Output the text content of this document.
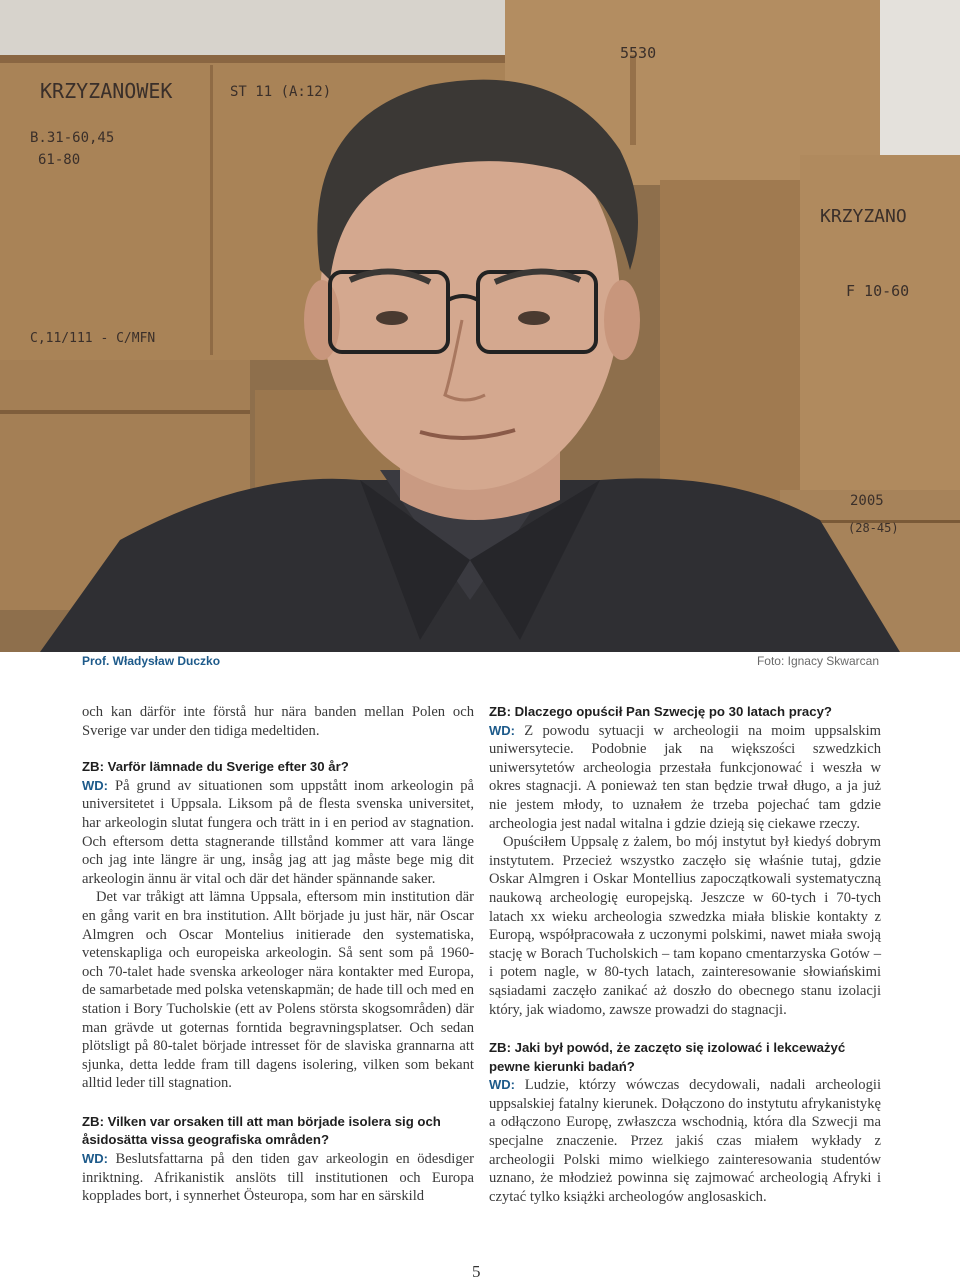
KRZYZANOWEK	ST 11 (A:12)
B.31-60,45
61-80
C,11/111 - C/MFN
5530
KRZYZANO
F 10-60
2005
(28-45)
Prof. Władysław Duczko	Foto: Ignacy Skwarcan

och kan därför inte förstå hur nära banden mellan Polen och Sverige var under den tidiga medeltiden.

ZB: Varför lämnade du Sverige efter 30 år?

WD: På grund av situationen som uppstått inom arkeologin på universitetet i Uppsala. Liksom på de flesta svenska universitet, har arkeologin slutat fungera och trätt in i en period av stagnation. Och eftersom detta stagnerande tillstånd kommer att vara länge och jag inte längre är ung, insåg jag att jag måste bege mig dit arkeologin ännu är vital och där det händer spännande saker.

Det var tråkigt att lämna Uppsala, eftersom min institution där en gång varit en bra institution. Allt började ju just här, när Oscar Almgren och Oscar Montelius initierade den systematiska, vetenskapliga och europeiska arkeologin. Så sent som på 1960- och 70-talet hade svenska arkeologer nära kontakter med Europa, de samarbetade med polska vetenskapmän; de hade till och med en station i Bory Tucholskie (ett av Polens största skogsområden) där man grävde ut goternas forntida begravningsplatser. Och sedan plötsligt på 80-talet började intresset för de slaviska grannarna att sjunka, detta ledde fram till dagens isolering, vilken som bekant alltid leder till stagnation.

ZB: Vilken var orsaken till att man började isolera sig och åsidosätta vissa geografiska områden?

WD: Beslutsfattarna på den tiden gav arkeologin en ödesdiger inriktning. Afrikanistik anslöts till institutionen och Europa kopplades bort, i synnerhet Östeuropa, som har en särskild

ZB: Dlaczego opuścił Pan Szwecję po 30 latach pracy?

WD: Z powodu sytuacji w archeologii na moim uppsalskim uniwersytecie. Podobnie jak na większości szwedzkich uniwersytetów archeologia przestała funkcjonować i weszła w okres stagnacji. A ponieważ ten stan będzie trwał długo, a ja już nie jestem młody, to uznałem że trzeba pojechać tam gdzie archeologia jest nadal witalna i gdzie dzieją się ciekawe rzeczy.

Opuściłem Uppsalę z żalem, bo mój instytut był kiedyś dobrym instytutem. Przecież wszystko zaczęło się właśnie tutaj, gdzie Oskar Almgren i Oskar Montellius zapoczątkowali systematyczną naukową archeologię europejską. Jeszcze w 60-tych i 70-tych latach xx wieku archeologia szwedzka miała bliskie kontakty z Europą, współpracowała z uczonymi polskimi, nawet miała swoją stację w Borach Tucholskich – tam kopano cmentarzyska Gotów – i potem nagle, w 80-tych latach, zainteresowanie słowiańskimi sąsiadami zaczęło zanikać aż doszło do obecnego stanu izolacji który, jak wiadomo, zawsze prowadzi do stagnacji.

ZB: Jaki był powód, że zaczęto się izolować i lekceważyć pewne kierunki badań?

WD: Ludzie, którzy wówczas decydowali, nadali archeologii uppsalskiej fatalny kierunek. Dołączono do instytutu afrykanistykę a odłączono Europę, zwłaszcza wschodnią, która dla Szwecji ma specjalne znaczenie. Przez jakiś czas miałem wykłady z archeologii Polski mimo wielkiego zainteresowania studentów uznano, że młodzież powinna się zajmować archeologią Afryki i czytać tylko książki archeologów anglosaskich.

5
